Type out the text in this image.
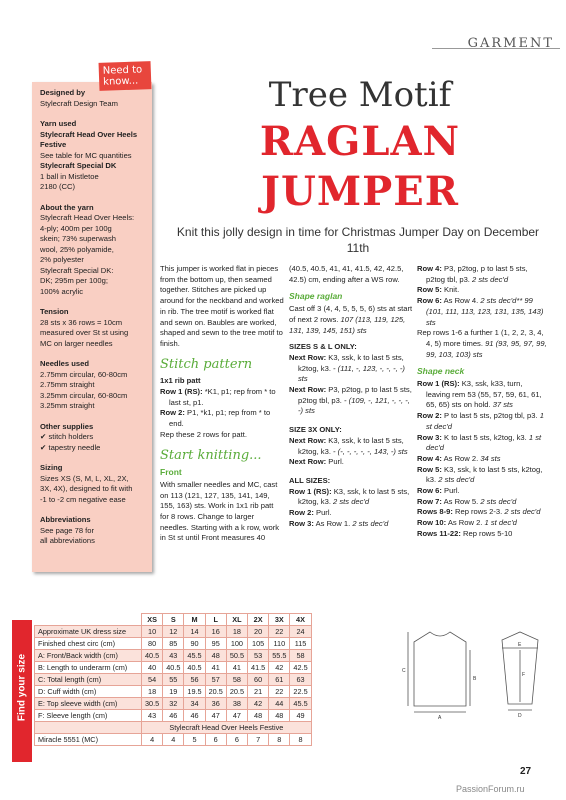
GARMENT
Designed by
Stylecraft Design Team
Yarn used
Stylecraft Head Over Heels Festive
See table for MC quantities
Stylecraft Special DK
1 ball in Mistletoe
2180 (CC)
About the yarn
Stylecraft Head Over Heels:
4-ply; 400m per 100g
skein; 73% superwash
wool, 25% polyamide,
2% polyester
Stylecraft Special DK:
DK; 295m per 100g;
100% acrylic
Tension
28 sts x 36 rows = 10cm
measured over St st using
MC on larger needles
Needles used
2.75mm circular, 60-80cm
2.75mm straight
3.25mm circular, 60-80cm
3.25mm straight
Other supplies
✔ stitch holders
✔ tapestry needle
Sizing
Sizes XS (S, M, L, XL, 2X,
3X, 4X), designed to fit with
-1 to -2 cm negative ease
Abbreviations
See page 78 for
all abbreviations
Need to know...	Tree Motif
RAGLAN
JUMPER
Knit this jolly design in time for Christmas Jumper Day on December 11th

This jumper is worked flat in pieces from the bottom up, then seamed together. Stitches are picked up around for the neckband and worked in rib. The tree motif is worked flat and sewn on. Baubles are worked, shaped and sewn to the tree motif to finish.

Stitch pattern
1x1 rib patt
Row 1 (RS): *K1, p1; rep from * to last st, p1.
Row 2: P1, *k1, p1; rep from * to end.
Rep these 2 rows for patt.
Start knitting...
Front

With smaller needles and MC, cast on 113 (121, 127, 135, 141, 149, 155, 163) sts. Work in 1x1 rib patt for 8 rows. Change to larger needles. Starting with a k row, work in St st until Front measures 40

(40.5, 40.5, 41, 41, 41.5, 42, 42.5, 42.5) cm, ending after a WS row.

Shape raglan

Cast off 3 (4, 4, 5, 5, 5, 6) sts at start of next 2 rows. 107 (113, 119, 125, 131, 139, 145, 151) sts

SIZES S & L ONLY:
Next Row: K3, ssk, k to last 5 sts, k2tog, k3. - (111, -, 123, -, -, -, -) sts
Next Row: P3, p2tog, p to last 5 sts, p2tog tbl, p3. - (109, -, 121, -, -, -, -) sts
SIZE 3X ONLY:
Next Row: K3, ssk, k to last 5 sts, k2tog, k3. - (-, -, -, -, -, 143, -) sts
Next Row: Purl.
ALL SIZES:
Row 1 (RS): K3, ssk, k to last 5 sts, k2tog, k3. 2 sts dec'd
Row 2: Purl.
Row 3: As Row 1. 2 sts dec'd
Row 4: P3, p2tog, p to last 5 sts, p2tog tbl, p3. 2 sts dec'd
Row 5: Knit.
Row 6: As Row 4. 2 sts dec'd** 99 (101, 111, 113, 123, 131, 135, 143) sts
Rep rows 1-6 a further 1 (1, 2, 2, 3, 4, 4, 5) more times. 91 (93, 95, 97, 99, 99, 103, 103) sts
Shape neck
Row 1 (RS): K3, ssk, k33, turn, leaving rem 53 (55, 57, 59, 61, 61, 65, 65) sts on hold. 37 sts
Row 2: P to last 5 sts, p2tog tbl, p3. 1 st dec'd
Row 3: K to last 5 sts, k2tog, k3. 1 st dec'd
Row 4: As Row 2. 34 sts
Row 5: K3, ssk, k to last 5 sts, k2tog, k3. 2 sts dec'd
Row 6: Purl.
Row 7: As Row 5. 2 sts dec'd
Rows 8-9: Rep rows 2-3. 2 sts dec'd
Row 10: As Row 2. 1 st dec'd
Rows 11-22: Rep rows 5-10
Find your size
	XS	S	M	L	XL	2X	3X	4X
Approximate UK dress size	10	12	14	16	18	20	22	24
Finished chest circ (cm)	80	85	90	95	100	105	110	115
A: Front/Back width (cm)	40.5	43	45.5	48	50.5	53	55.5	58
B: Length to underarm (cm)	40	40.5	40.5	41	41	41.5	42	42.5
C: Total length (cm)	54	55	56	57	58	60	61	63
D: Cuff width (cm)	18	19	19.5	20.5	20.5	21	22	22.5
E: Top sleeve width (cm)	30.5	32	34	36	38	42	44	45.5
F: Sleeve length (cm)	43	46	46	47	47	48	48	49
	Stylecraft Head Over Heels Festive							
Miracle 5551 (MC)	4	4	5	6	6	7	8	8
C
A
B
E
F
D
27
PassionForum.ru
